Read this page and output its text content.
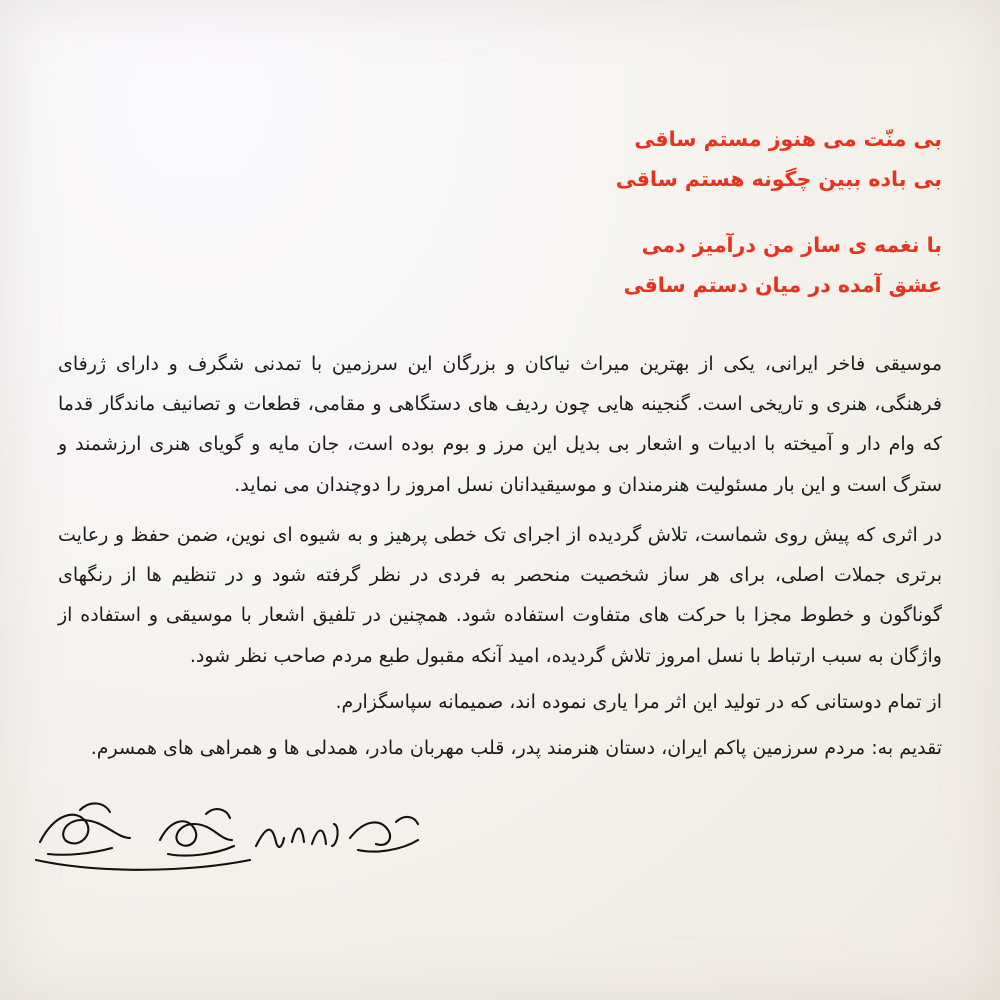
بی منّت می هنوز مستم ساقی
بی باده ببین چگونه هستم ساقی
با نغمه ی ساز من درآمیز دمی
عشق آمده در میان دستم ساقی

موسیقی فاخر ایرانی، یکی از بهترین میراث نیاکان و بزرگان این سرزمین با تمدنی شگرف و دارای ژرفای فرهنگی، هنری و تاریخی است. گنجینه هایی چون ردیف های دستگاهی و مقامی، قطعات و تصانیف ماندگار قدما که وام دار و آمیخته با ادبیات و اشعار بی بدیل این مرز و بوم بوده است، جان مایه و گویای هنری ارزشمند و سترگ است و این بار مسئولیت هنرمندان و موسیقیدانان نسل امروز را دوچندان می نماید.

در اثری که پیش روی شماست، تلاش گردیده از اجرای تک خطی پرهیز و به شیوه ای نوین، ضمن حفظ و رعایت برتری جملات اصلی، برای هر ساز شخصیت منحصر به فردی در نظر گرفته شود و در تنظیم ها از رنگهای گوناگون و خطوط مجزا با حرکت های متفاوت استفاده شود. همچنین در تلفیق اشعار با موسیقی و استفاده از واژگان به سبب ارتباط با نسل امروز تلاش گردیده، امید آنکه مقبول طبع مردم صاحب نظر شود.

از تمام دوستانی که در تولید این اثر مرا یاری نموده اند، صمیمانه سپاسگزارم.

تقدیم به: مردم سرزمین پاکم ایران، دستان هنرمند پدر، قلب مهربان مادر، همدلی ها و همراهی های همسرم.
